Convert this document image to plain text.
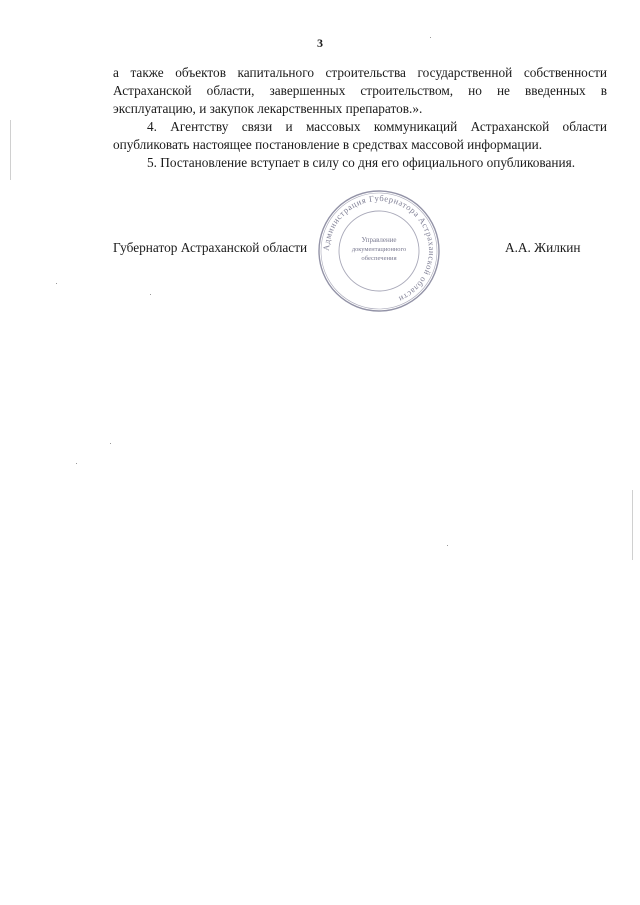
3

а также объектов капитального строительства государственной собственности Астраханской области, завершенных строительством, но не введенных в эксплуатацию, и закупок лекарственных препаратов.».

4. Агентству связи и массовых коммуникаций Астраханской области опубликовать настоящее постановление в средствах массовой информации.

5. Постановление вступает в силу со дня его официального опубликования.

Губернатор Астраханской области Администрация Губернатора Астраханской области
Управление
документационного
обеспечения
А.А. Жилкин
